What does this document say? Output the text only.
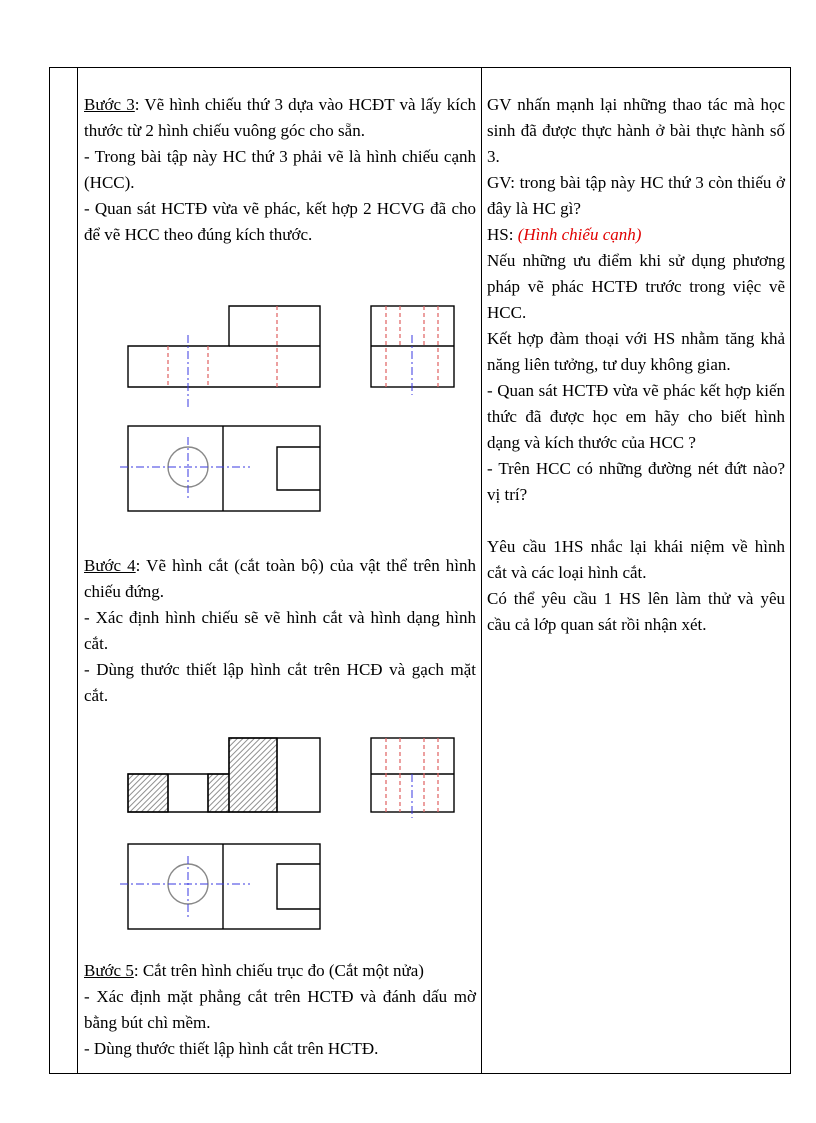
Bước 3: Vẽ hình chiếu thứ 3 dựa vào HCĐT và lấy kích thước từ 2 hình chiếu vuông góc cho sẵn.

- Trong bài tập này HC thứ 3 phải vẽ là hình chiếu cạnh (HCC).

- Quan sát HCTĐ vừa vẽ phác, kết hợp 2 HCVG đã cho để vẽ HCC theo đúng kích thước.

Bước 4: Vẽ hình cắt (cắt toàn bộ) của vật thể trên hình chiếu đứng.

- Xác định hình chiếu sẽ vẽ hình cắt và hình dạng hình cắt.

- Dùng thước thiết lập hình cắt trên HCĐ và gạch mặt cắt.

Bước 5: Cắt trên hình chiếu trục đo (Cắt một nửa)

- Xác định mặt phẳng cắt trên HCTĐ và đánh dấu mờ bằng bút chì mềm.

- Dùng thước thiết lập hình cắt trên HCTĐ.

GV nhấn mạnh lại những thao tác mà học sinh đã được thực hành ở bài thực hành số 3.

GV: trong bài tập này HC thứ 3 còn thiếu ở đây là HC gì?

HS: (Hình chiếu cạnh)

Nếu những ưu điểm khi sử dụng phương pháp vẽ phác HCTĐ trước trong việc vẽ HCC.

Kết hợp đàm thoại với HS nhằm tăng khả năng liên tưởng, tư duy không gian.

- Quan sát HCTĐ vừa vẽ phác kết hợp kiến thức đã được học em hãy cho biết hình dạng và kích thước của HCC ?

- Trên HCC có những đường nét đứt nào? vị trí?

Yêu cầu 1HS nhắc lại khái niệm về hình cắt và các loại hình cắt.

Có thể yêu cầu 1 HS lên làm thử và yêu cầu cả lớp quan sát rồi nhận xét.
